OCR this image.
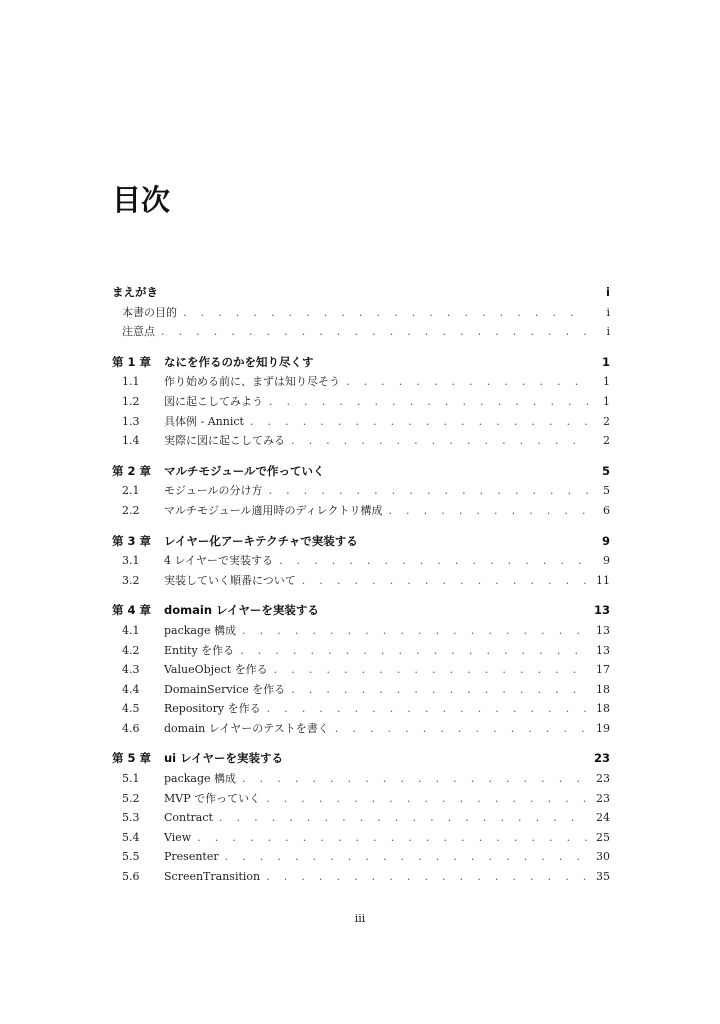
目次
まえがき	i
本書の目的 . . .	i
注意点 . . .	i
第 1 章	なにを作るのかを知り尽くす	1
1.1	作り始める前に、まずは知り尽そう . . .	1
1.2	図に起こしてみよう . . .	1
1.3	具体例 - Annict . . .	2
1.4	実際に図に起こしてみる . . .	2
第 2 章	マルチモジュールで作っていく	5
2.1	モジュールの分け方 . . .	5
2.2	マルチモジュール適用時のディレクトリ構成 . . .	6
第 3 章	レイヤー化アーキテクチャで実装する	9
3.1	4 レイヤーで実装する . . .	9
3.2	実装していく順番について . . .	11
第 4 章	domain レイヤーを実装する	13
4.1	package 構成 . . .	13
4.2	Entity を作る . . .	13
4.3	ValueObject を作る . . .	17
4.4	DomainService を作る . . .	18
4.5	Repository を作る . . .	18
4.6	domain レイヤーのテストを書く . . .	19
第 5 章	ui レイヤーを実装する	23
5.1	package 構成 . . .	23
5.2	MVP で作っていく . . .	23
5.3	Contract . . .	24
5.4	View . . .	25
5.5	Presenter . . .	30
5.6	ScreenTransition . . .	35
iii
